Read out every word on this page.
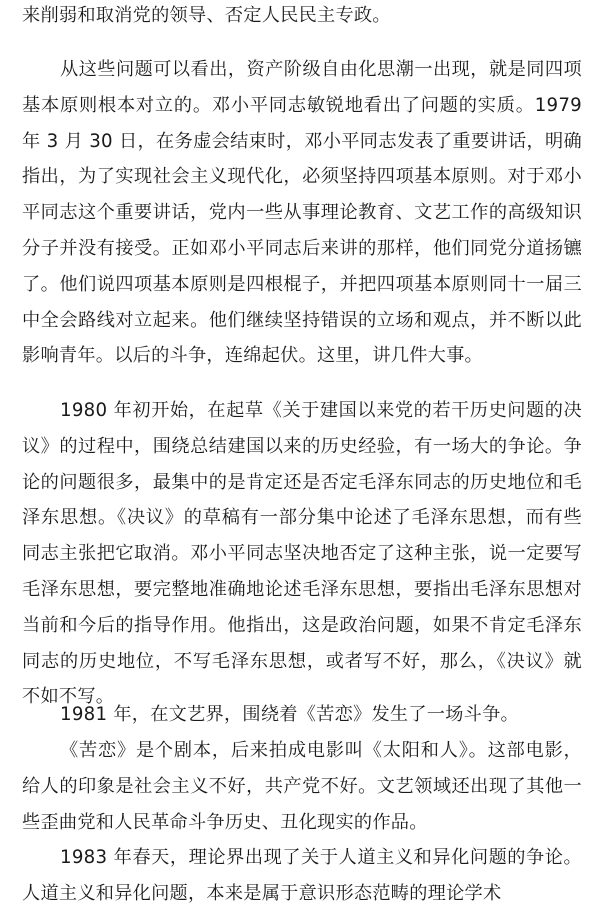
来削弱和取消党的领导、否定人民民主专政。

从这些问题可以看出，资产阶级自由化思潮一出现，就是同四项基本原则根本对立的。邓小平同志敏锐地看出了问题的实质。1979 年 3 月 30 日，在务虚会结束时，邓小平同志发表了重要讲话，明确指出，为了实现社会主义现代化，必须坚持四项基本原则。对于邓小平同志这个重要讲话，党内一些从事理论教育、文艺工作的高级知识分子并没有接受。正如邓小平同志后来讲的那样，他们同党分道扬镳了。他们说四项基本原则是四根棍子，并把四项基本原则同十一届三中全会路线对立起来。他们继续坚持错误的立场和观点，并不断以此影响青年。以后的斗争，连绵起伏。这里，讲几件大事。

1980 年初开始，在起草《关于建国以来党的若干历史问题的决议》的过程中，围绕总结建国以来的历史经验，有一场大的争论。争论的问题很多，最集中的是肯定还是否定毛泽东同志的历史地位和毛泽东思想。《决议》的草稿有一部分集中论述了毛泽东思想，而有些同志主张把它取消。邓小平同志坚决地否定了这种主张，说一定要写毛泽东思想，要完整地准确地论述毛泽东思想，要指出毛泽东思想对当前和今后的指导作用。他指出，这是政治问题，如果不肯定毛泽东同志的历史地位，不写毛泽东思想，或者写不好，那么，《决议》就不如不写。

1981 年，在文艺界，围绕着《苦恋》发生了一场斗争。

《苦恋》是个剧本，后来拍成电影叫《太阳和人》。这部电影，给人的印象是社会主义不好，共产党不好。文艺领域还出现了其他一些歪曲党和人民革命斗争历史、丑化现实的作品。

1983 年春天，理论界出现了关于人道主义和异化问题的争论。人道主义和异化问题，本来是属于意识形态范畴的理论学术
